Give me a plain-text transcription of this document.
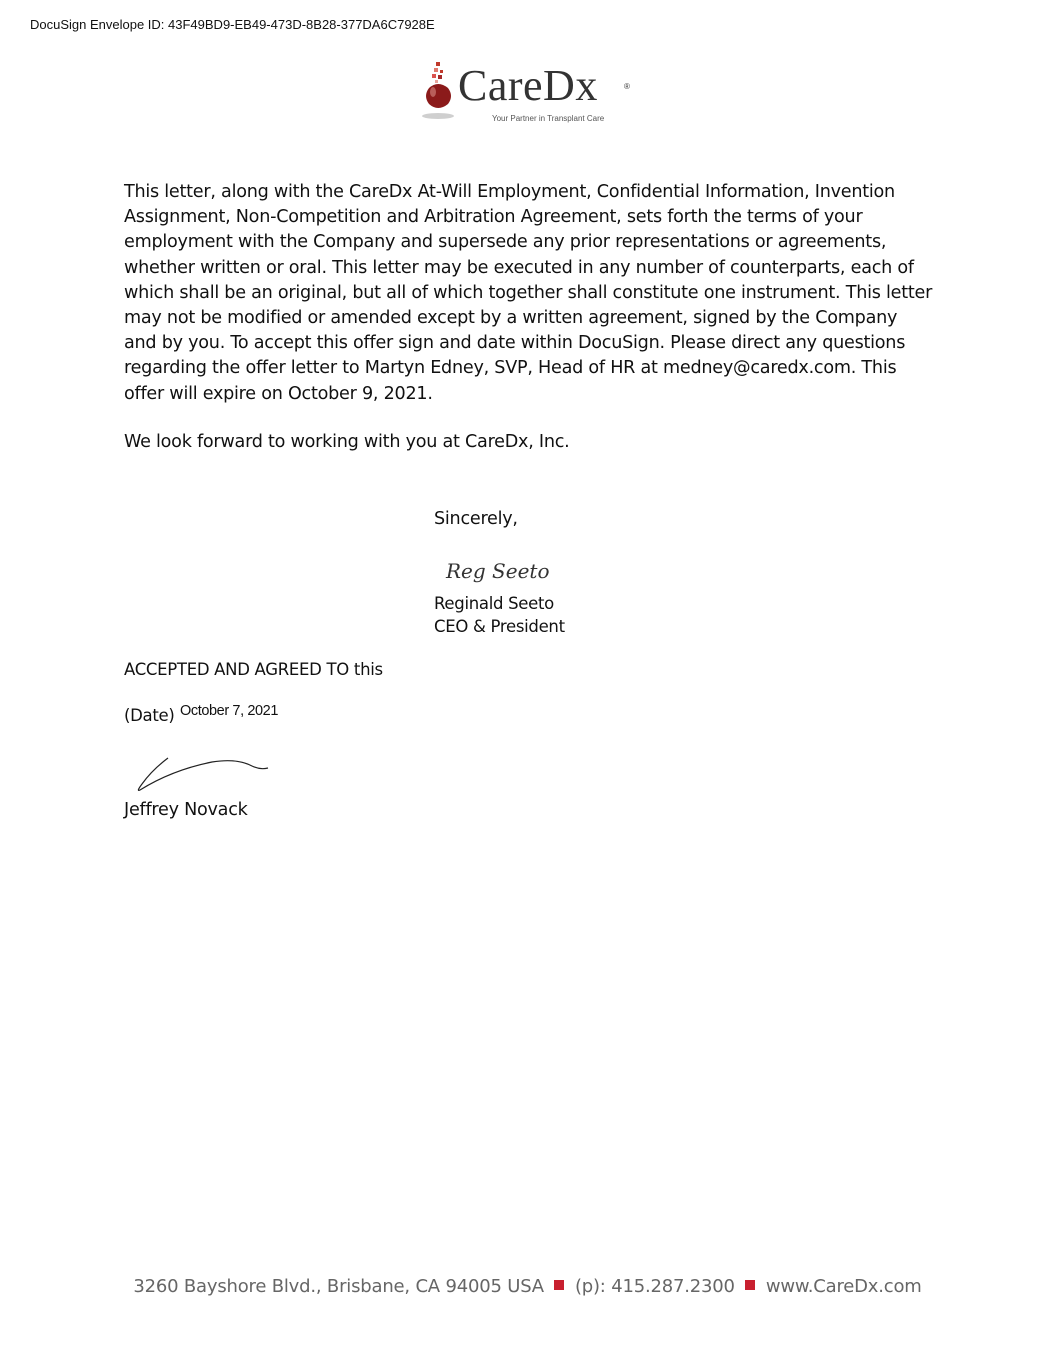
DocuSign Envelope ID: 43F49BD9-EB49-473D-8B28-377DA6C7928E
CareDx	®
Your Partner in Transplant Care
This letter, along with the CareDx At-Will Employment, Confidential Information, Invention Assignment, Non-Competition and Arbitration Agreement, sets forth the terms of your employment with the Company and supersede any prior representations or agreements, whether written or oral. This letter may be executed in any number of counterparts, each of which shall be an original, but all of which together shall constitute one instrument. This letter may not be modified or amended except by a written agreement, signed by the Company and by you. To accept this offer sign and date within DocuSign. Please direct any questions regarding the offer letter to Martyn Edney, SVP, Head of HR at medney@caredx.com. This offer will expire on October 9, 2021.
We look forward to working with you at CareDx, Inc.
Sincerely,
Reg Seeto
Reginald Seeto
CEO & President
ACCEPTED AND AGREED TO this
(Date) October 7, 2021
Jeffrey Novack
3260 Bayshore Blvd., Brisbane, CA 94005 USA (p): 415.287.2300 www.CareDx.com
